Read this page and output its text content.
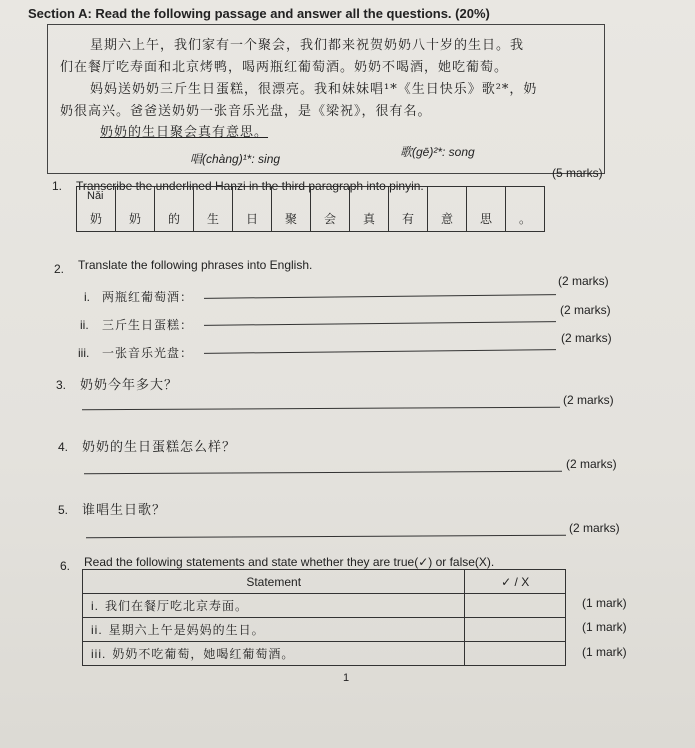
Section A: Read the following passage and answer all the questions. (20%)
星期六上午，我们家有一个聚会，我们都来祝贺奶奶八十岁的生日。我
们在餐厅吃寿面和北京烤鸭，喝两瓶红葡萄酒。奶奶不喝酒，她吃葡萄。
妈妈送奶奶三斤生日蛋糕，很漂亮。我和妹妹唱¹*《生日快乐》歌²*，奶
奶很高兴。爸爸送奶奶一张音乐光盘，是《梁祝》，很有名。
奶奶的生日聚会真有意思。
唱(chàng)¹*: sing	歌(gē)²*: song
1. Transcribe the underlined Hanzi in the third paragraph into pinyin.
(5 marks)
Nǎi
奶	奶	的	生	日	聚	会	真	有	意	思	。
2. Translate the following phrases into English.
i. 两瓶红葡萄酒：
(2 marks)
ii. 三斤生日蛋糕：
(2 marks)
iii. 一张音乐光盘：
(2 marks)
3. 奶奶今年多大？
(2 marks)
4. 奶奶的生日蛋糕怎么样？
(2 marks)
5. 谁唱生日歌？
(2 marks)
6. Read the following statements and state whether they are true(✓) or false(X).
Statement	✓ / X
i. 我们在餐厅吃北京寿面。	
ii. 星期六上午是妈妈的生日。	
iii. 奶奶不吃葡萄，她喝红葡萄酒。	
(1 mark)
(1 mark)
(1 mark)
1
